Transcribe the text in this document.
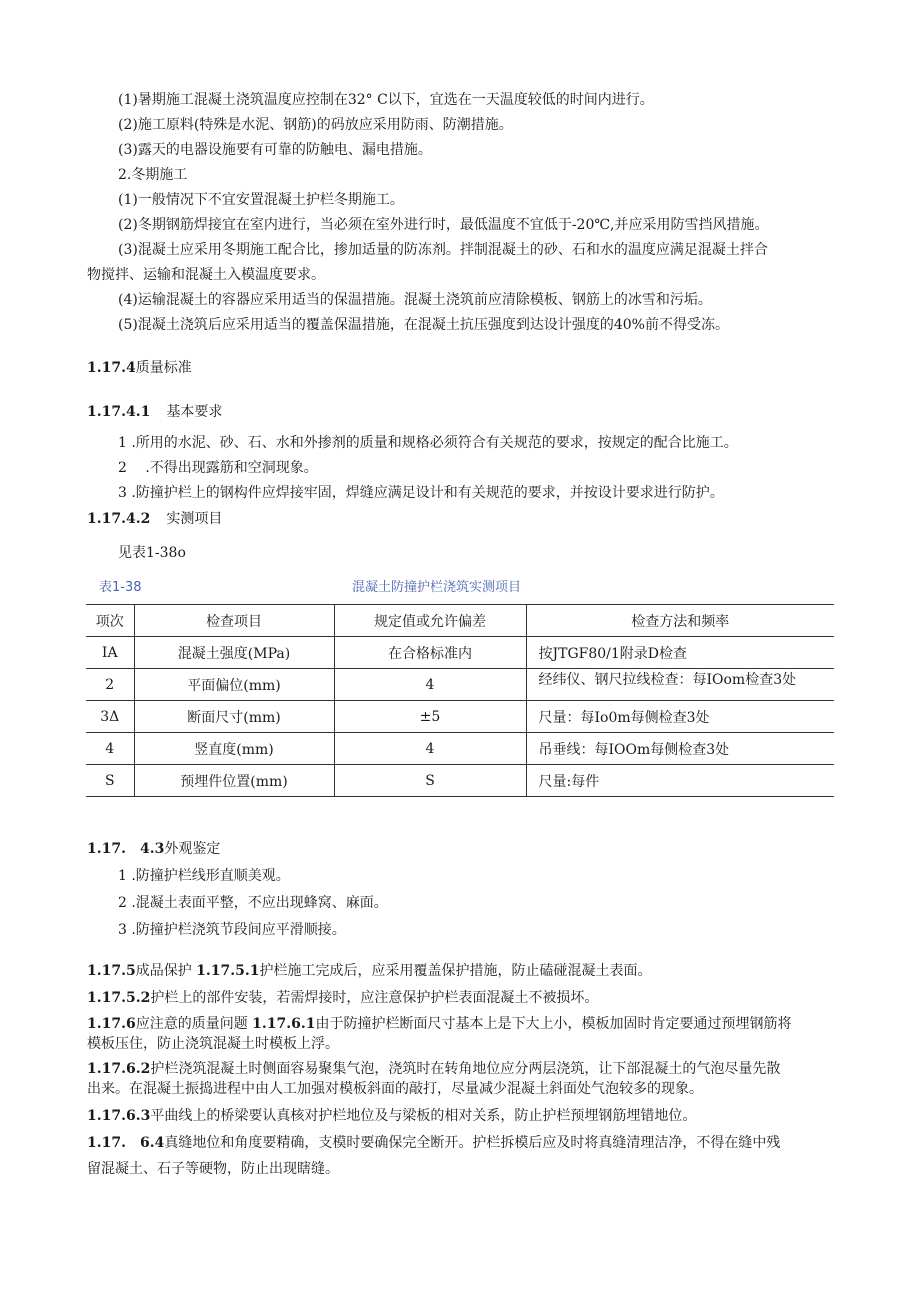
(1)暑期施工混凝土浇筑温度应控制在32° C以下，宜选在一天温度较低的时间内进行。
(2)施工原料(特殊是水泥、钢筋)的码放应采用防雨、防潮措施。
(3)露天的电器设施要有可靠的防触电、漏电措施。
2.冬期施工
(1)一般情况下不宜安置混凝土护栏冬期施工。
(2)冬期钢筋焊接宜在室内进行，当必须在室外进行时，最低温度不宜低于-20℃,并应采用防雪挡风措施。
(3)混凝土应采用冬期施工配合比，掺加适量的防冻剂。拌制混凝土的砂、石和水的温度应满足混凝土拌合
物搅拌、运输和混凝土入模温度要求。
(4)运输混凝土的容器应采用适当的保温措施。混凝土浇筑前应清除模板、钢筋上的冰雪和污垢。
(5)混凝土浇筑后应采用适当的覆盖保温措施，在混凝土抗压强度到达设计强度的40%前不得受冻。
1.17.4质量标准
1.17.4.1 基本要求
1 .所用的水泥、砂、石、水和外掺剂的质量和规格必须符合有关规范的要求，按规定的配合比施工。
2　 .不得出现露筋和空洞现象。
3 .防撞护栏上的钢构件应焊接牢固，焊缝应满足设计和有关规范的要求，并按设计要求进行防护。
1.17.4.2 实测项目
见表1-38o
表1-38	混凝土防撞护栏浇筑实测项目
项次	检查项目	规定值或允许偏差	检查方法和频率
IA	混凝土强度(MPa)	在合格标准内	按JTGF80/1附录D检查
2	平面偏位(mm)	4	经纬仪、钢尺拉线检查：每IOom检查3处

3Δ	断面尺寸(mm)	±5	尺量：每Io0m每侧检查3处
4	竖直度(mm)	4	吊垂线：每IOOm每侧检查3处
S	预埋件位置(mm)	S	尺量:每件
1.17. 4.3外观鉴定
1 .防撞护栏线形直顺美观。
2 .混凝土表面平整，不应出现蜂窝、麻面。
3 .防撞护栏浇筑节段间应平滑顺接。
1.17.5成品保护 1.17.5.1护栏施工完成后，应采用覆盖保护措施，防止磕碰混凝土表面。
1.17.5.2护栏上的部件安装，若需焊接时，应注意保护护栏表面混凝土不被损坏。
1.17.6应注意的质量问题 1.17.6.1由于防撞护栏断面尺寸基本上是下大上小，模板加固时肯定要通过预埋钢筋将
模板压住，防止浇筑混凝土时模板上浮。
1.17.6.2护栏浇筑混凝土时侧面容易聚集气泡，浇筑时在转角地位应分两层浇筑，让下部混凝土的气泡尽量先散
出来。在混凝土振捣进程中由人工加强对模板斜面的敲打，尽量减少混凝土斜面处气泡较多的现象。
1.17.6.3平曲线上的桥梁要认真核对护栏地位及与梁板的相对关系，防止护栏预埋钢筋埋错地位。
1.17. 6.4真缝地位和角度要精确，支模时要确保完全断开。护栏拆模后应及时将真缝清理洁净，不得在缝中残
留混凝土、石子等硬物，防止出现瞎缝。
